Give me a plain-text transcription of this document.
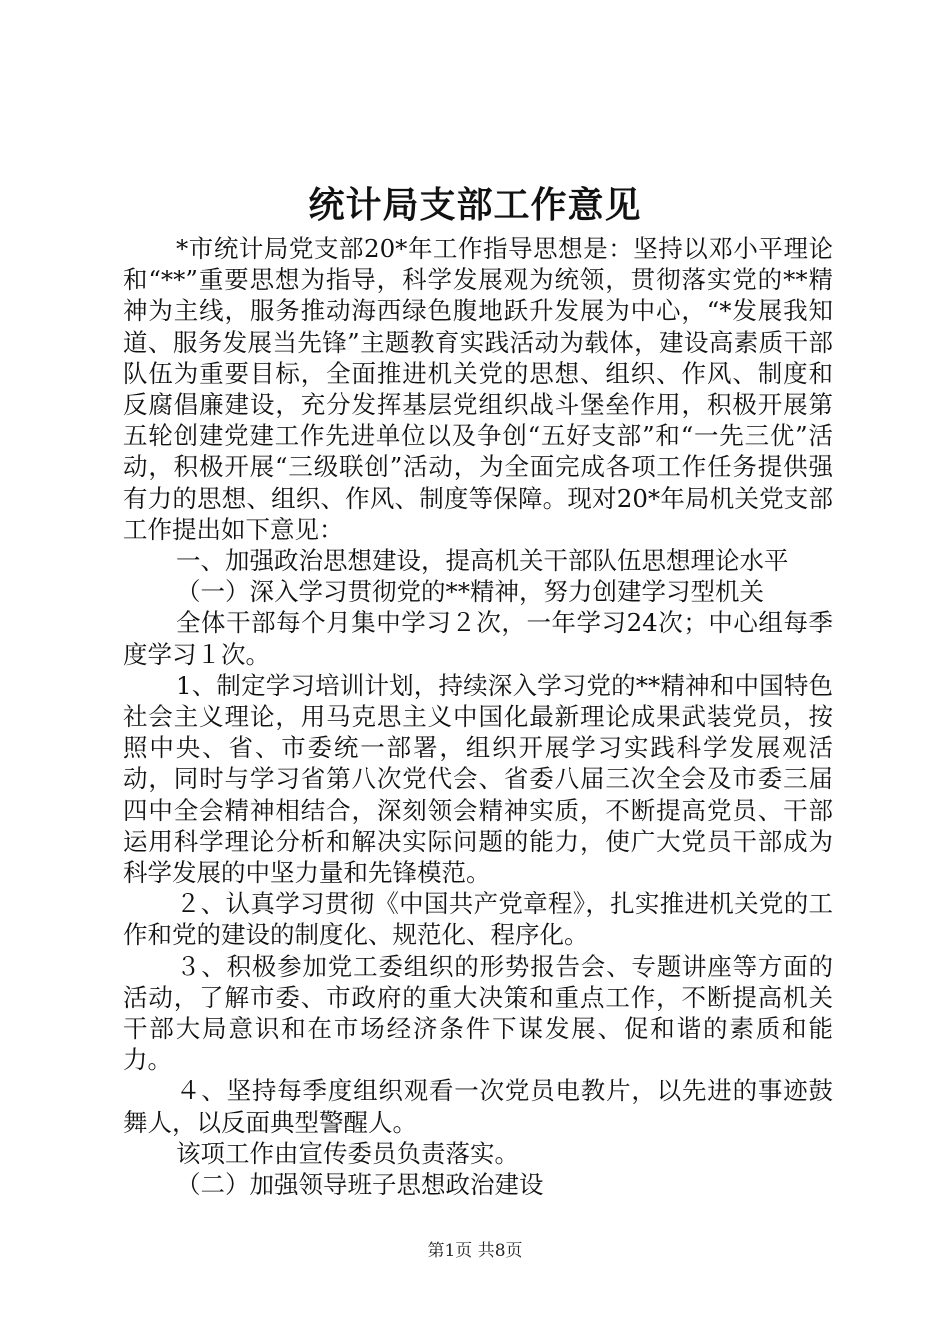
统计局支部工作意见

*市统计局党支部20*年工作指导思想是：坚持以邓小平理论和“**”重要思想为指导，科学发展观为统领，贯彻落实党的**精神为主线，服务推动海西绿色腹地跃升发展为中心，“*发展我知道、服务发展当先锋”主题教育实践活动为载体，建设高素质干部队伍为重要目标，全面推进机关党的思想、组织、作风、制度和反腐倡廉建设，充分发挥基层党组织战斗堡垒作用，积极开展第五轮创建党建工作先进单位以及争创“五好支部”和“一先三优”活动，积极开展“三级联创”活动，为全面完成各项工作任务提供强有力的思想、组织、作风、制度等保障。现对20*年局机关党支部工作提出如下意见：

一、加强政治思想建设，提高机关干部队伍思想理论水平

（一）深入学习贯彻党的**精神，努力创建学习型机关

全体干部每个月集中学习２次，一年学习24次；中心组每季度学习１次。

1、制定学习培训计划，持续深入学习党的**精神和中国特色社会主义理论，用马克思主义中国化最新理论成果武装党员，按照中央、省、市委统一部署，组织开展学习实践科学发展观活动，同时与学习省第八次党代会、省委八届三次全会及市委三届四中全会精神相结合，深刻领会精神实质，不断提高党员、干部运用科学理论分析和解决实际问题的能力，使广大党员干部成为科学发展的中坚力量和先锋模范。

２、认真学习贯彻《中国共产党章程》，扎实推进机关党的工作和党的建设的制度化、规范化、程序化。

３、积极参加党工委组织的形势报告会、专题讲座等方面的活动，了解市委、市政府的重大决策和重点工作，不断提高机关干部大局意识和在市场经济条件下谋发展、促和谐的素质和能力。

４、坚持每季度组织观看一次党员电教片，以先进的事迹鼓舞人，以反面典型警醒人。

该项工作由宣传委员负责落实。

（二）加强领导班子思想政治建设

第1页 共8页
